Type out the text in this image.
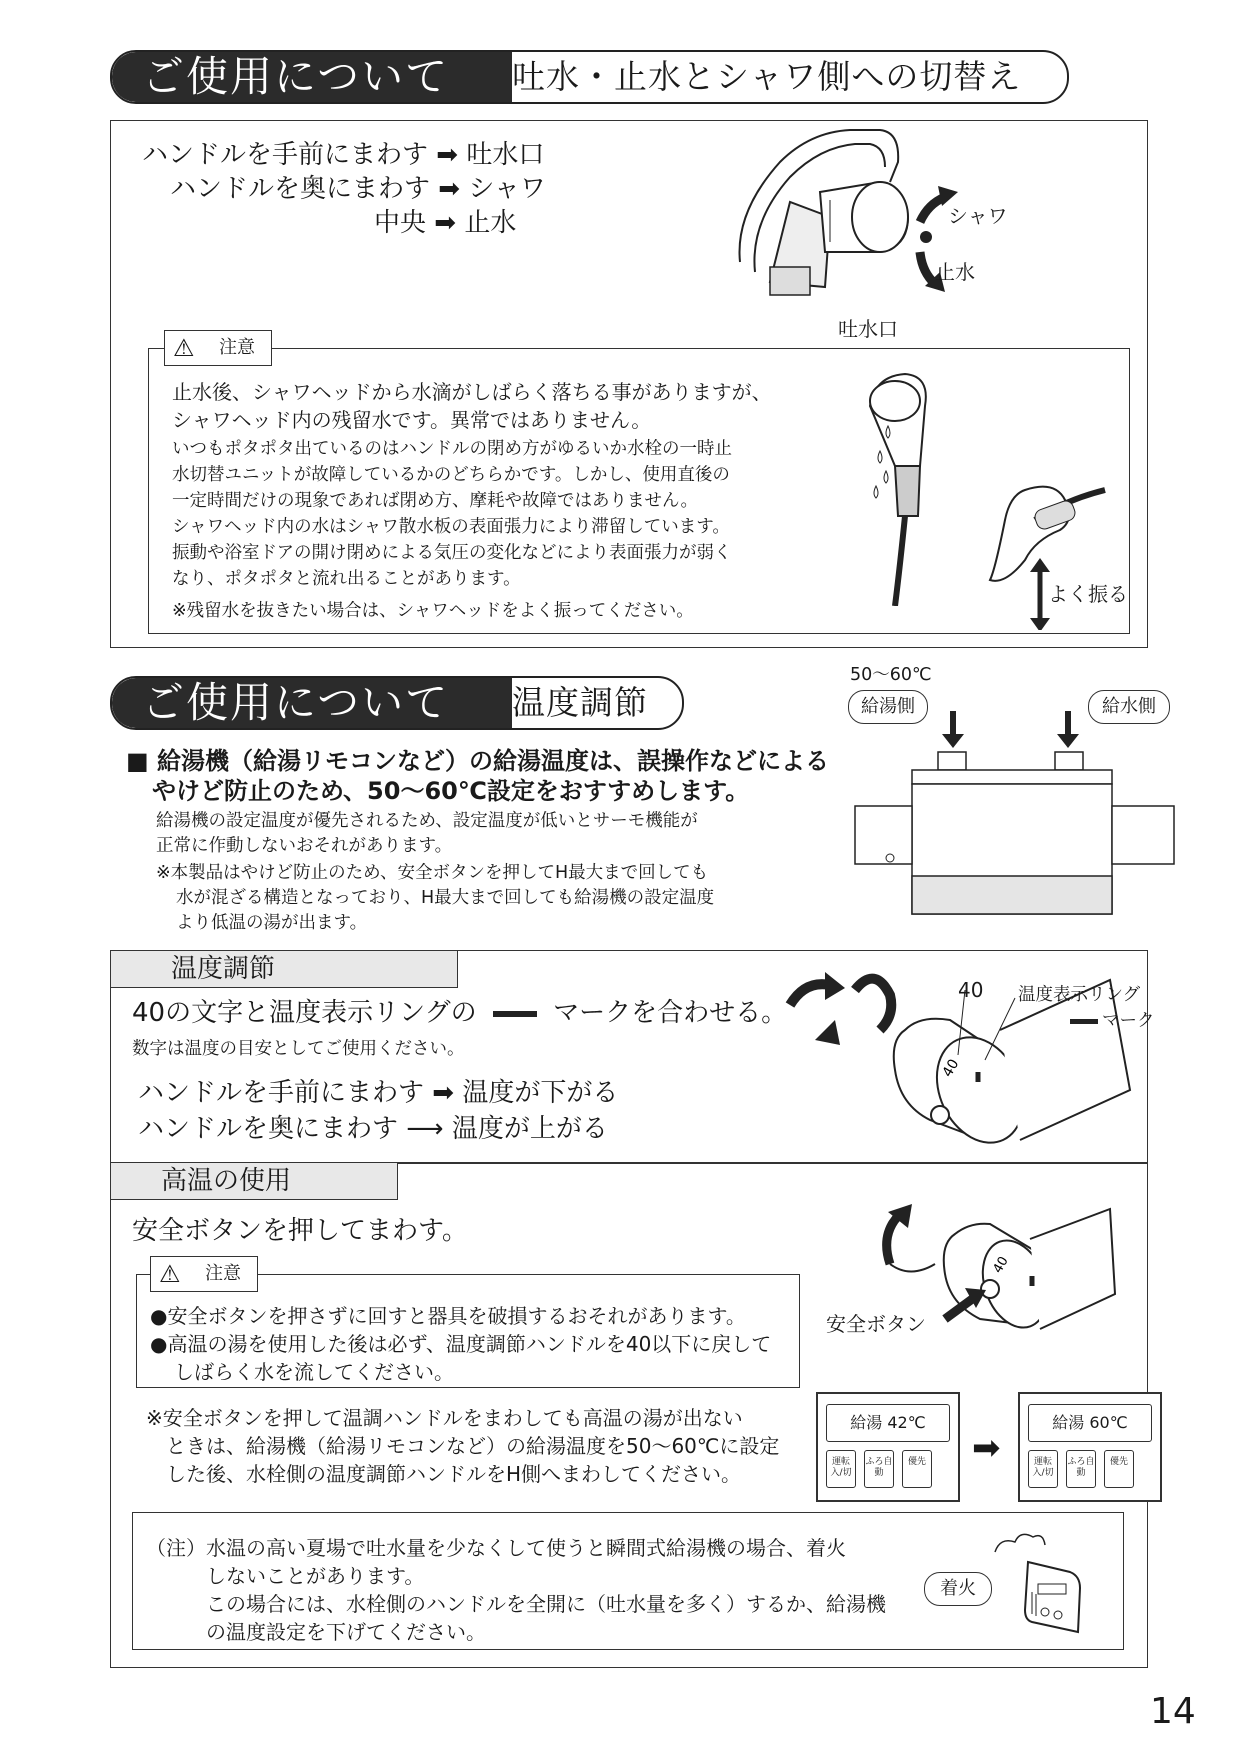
ご使用について	吐水・止水とシャワ側への切替え
ハンドルを手前にまわす ➡ 吐水口
ハンドルを奥にまわす ➡ シャワ
中央 ➡ 止水	シャワ
止水
吐水口
⚠ 注意
止水後、シャワヘッドから水滴がしばらく落ちる事がありますが、
シャワヘッド内の残留水です。異常ではありません。
いつもポタポタ出ているのはハンドルの閉め方がゆるいか水栓の一時止
水切替ユニットが故障しているかのどちらかです。しかし、使用直後の
一定時間だけの現象であれば閉め方、摩耗や故障ではありません。
シャワヘッド内の水はシャワ散水板の表面張力により滞留しています。
振動や浴室ドアの開け閉めによる気圧の変化などにより表面張力が弱く
なり、ポタポタと流れ出ることがあります。
※残留水を抜きたい場合は、シャワヘッドをよく振ってください。
よく振る
ご使用について	温度調節
■ 給湯機（給湯リモコンなど）の給湯温度は、誤操作などによる
やけど防止のため、50～60℃設定をおすすめします。
給湯機の設定温度が優先されるため、設定温度が低いとサーモ機能が
正常に作動しないおそれがあります。
※本製品はやけど防止のため、安全ボタンを押してH最大まで回しても
水が混ざる構造となっており、H最大まで回しても給湯機の設定温度
より低温の湯が出ます。
50～60℃
給湯側	給水側
温度調節
40の文字と温度表示リングの	マークを合わせる。
数字は温度の目安としてご使用ください。
ハンドルを手前にまわす ➡ 温度が下がる
ハンドルを奥にまわす ⟶ 温度が上がる
40
40 温度表示リング
マーク
高温の使用
安全ボタンを押してまわす。
⚠ 注意
●安全ボタンを押さずに回すと器具を破損するおそれがあります。
●高温の湯を使用した後は必ず、温度調節ハンドルを40以下に戻して
しばらく水を流してください。
40
安全ボタン
※安全ボタンを押して温調ハンドルをまわしても高温の湯が出ない
ときは、給湯機（給湯リモコンなど）の給湯温度を50～60℃に設定
した後、水栓側の温度調節ハンドルをH側へまわしてください。
給湯 42℃
運転入/切
ふろ自動
優先 ➡
給湯 60℃
運転入/切
ふろ自動
優先
（注） 水温の高い夏場で吐水量を少なくして使うと瞬間式給湯機の場合、着火
しないことがあります。
この場合には、水栓側のハンドルを全開に（吐水量を多く）するか、給湯機
の温度設定を下げてください。
着火
14
